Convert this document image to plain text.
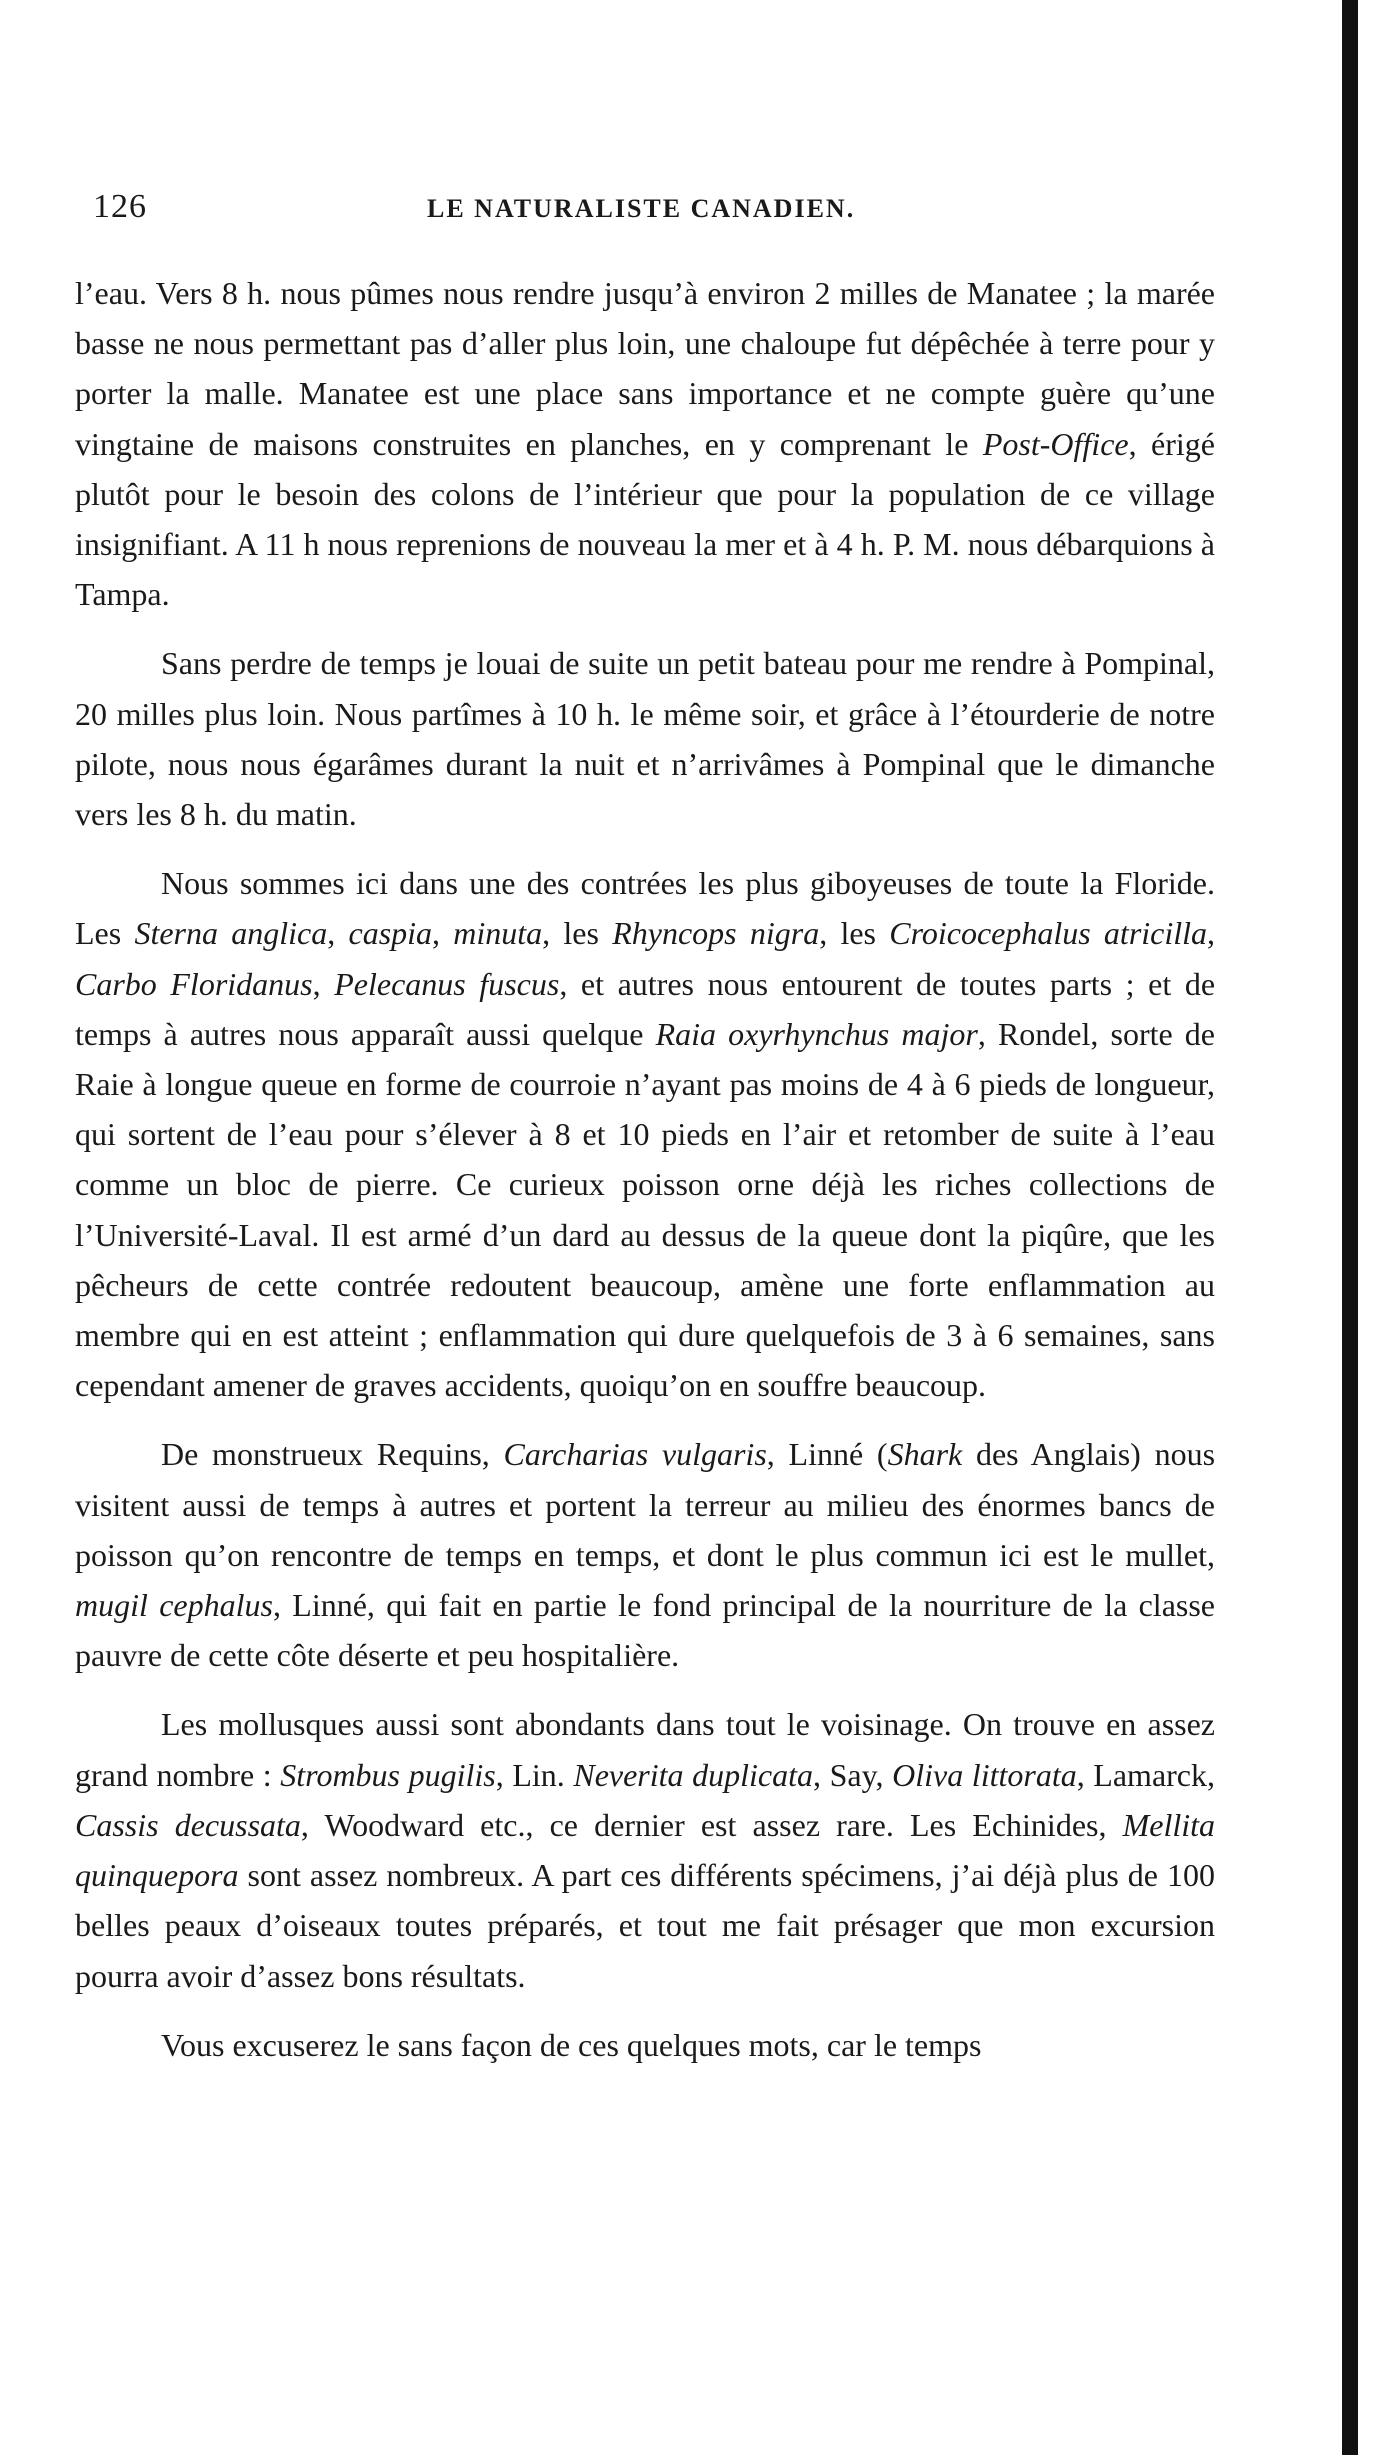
126	LE NATURALISTE CANADIEN.

l’eau. Vers 8 h. nous pûmes nous rendre jusqu’à environ 2 milles de Manatee ; la marée basse ne nous permettant pas d’aller plus loin, une chaloupe fut dépêchée à terre pour y porter la malle. Manatee est une place sans importance et ne compte guère qu’une vingtaine de maisons construites en planches, en y comprenant le Post-Office, érigé plutôt pour le besoin des colons de l’intérieur que pour la population de ce village insignifiant. A 11 h nous reprenions de nouveau la mer et à 4 h. P. M. nous débarquions à Tampa.

Sans perdre de temps je louai de suite un petit bateau pour me rendre à Pompinal, 20 milles plus loin. Nous partîmes à 10 h. le même soir, et grâce à l’étourderie de notre pilote, nous nous égarâmes durant la nuit et n’arrivâmes à Pompinal que le dimanche vers les 8 h. du matin.

Nous sommes ici dans une des contrées les plus giboyeuses de toute la Floride. Les Sterna anglica, caspia, minuta, les Rhyncops nigra, les Croicocephalus atricilla, Carbo Floridanus, Pelecanus fuscus, et autres nous entourent de toutes parts ; et de temps à autres nous apparaît aussi quelque Raia oxyrhynchus major, Rondel, sorte de Raie à longue queue en forme de courroie n’ayant pas moins de 4 à 6 pieds de longueur, qui sortent de l’eau pour s’élever à 8 et 10 pieds en l’air et retomber de suite à l’eau comme un bloc de pierre. Ce curieux poisson orne déjà les riches collections de l’Université-Laval. Il est armé d’un dard au dessus de la queue dont la piqûre, que les pêcheurs de cette contrée redoutent beaucoup, amène une forte enflammation au membre qui en est atteint ; enflammation qui dure quelquefois de 3 à 6 semaines, sans cependant amener de graves accidents, quoiqu’on en souffre beaucoup.

De monstrueux Requins, Carcharias vulgaris, Linné (Shark des Anglais) nous visitent aussi de temps à autres et portent la terreur au milieu des énormes bancs de poisson qu’on rencontre de temps en temps, et dont le plus commun ici est le mullet, mugil cephalus, Linné, qui fait en partie le fond principal de la nourriture de la classe pauvre de cette côte déserte et peu hospitalière.

Les mollusques aussi sont abondants dans tout le voisinage. On trouve en assez grand nombre : Strombus pugilis, Lin. Neverita duplicata, Say, Oliva littorata, Lamarck, Cassis decussata, Woodward etc., ce dernier est assez rare. Les Echinides, Mellita quinquepora sont assez nombreux. A part ces différents spécimens, j’ai déjà plus de 100 belles peaux d’oiseaux toutes préparés, et tout me fait présager que mon excursion pourra avoir d’assez bons résultats.

Vous excuserez le sans façon de ces quelques mots, car le temps
